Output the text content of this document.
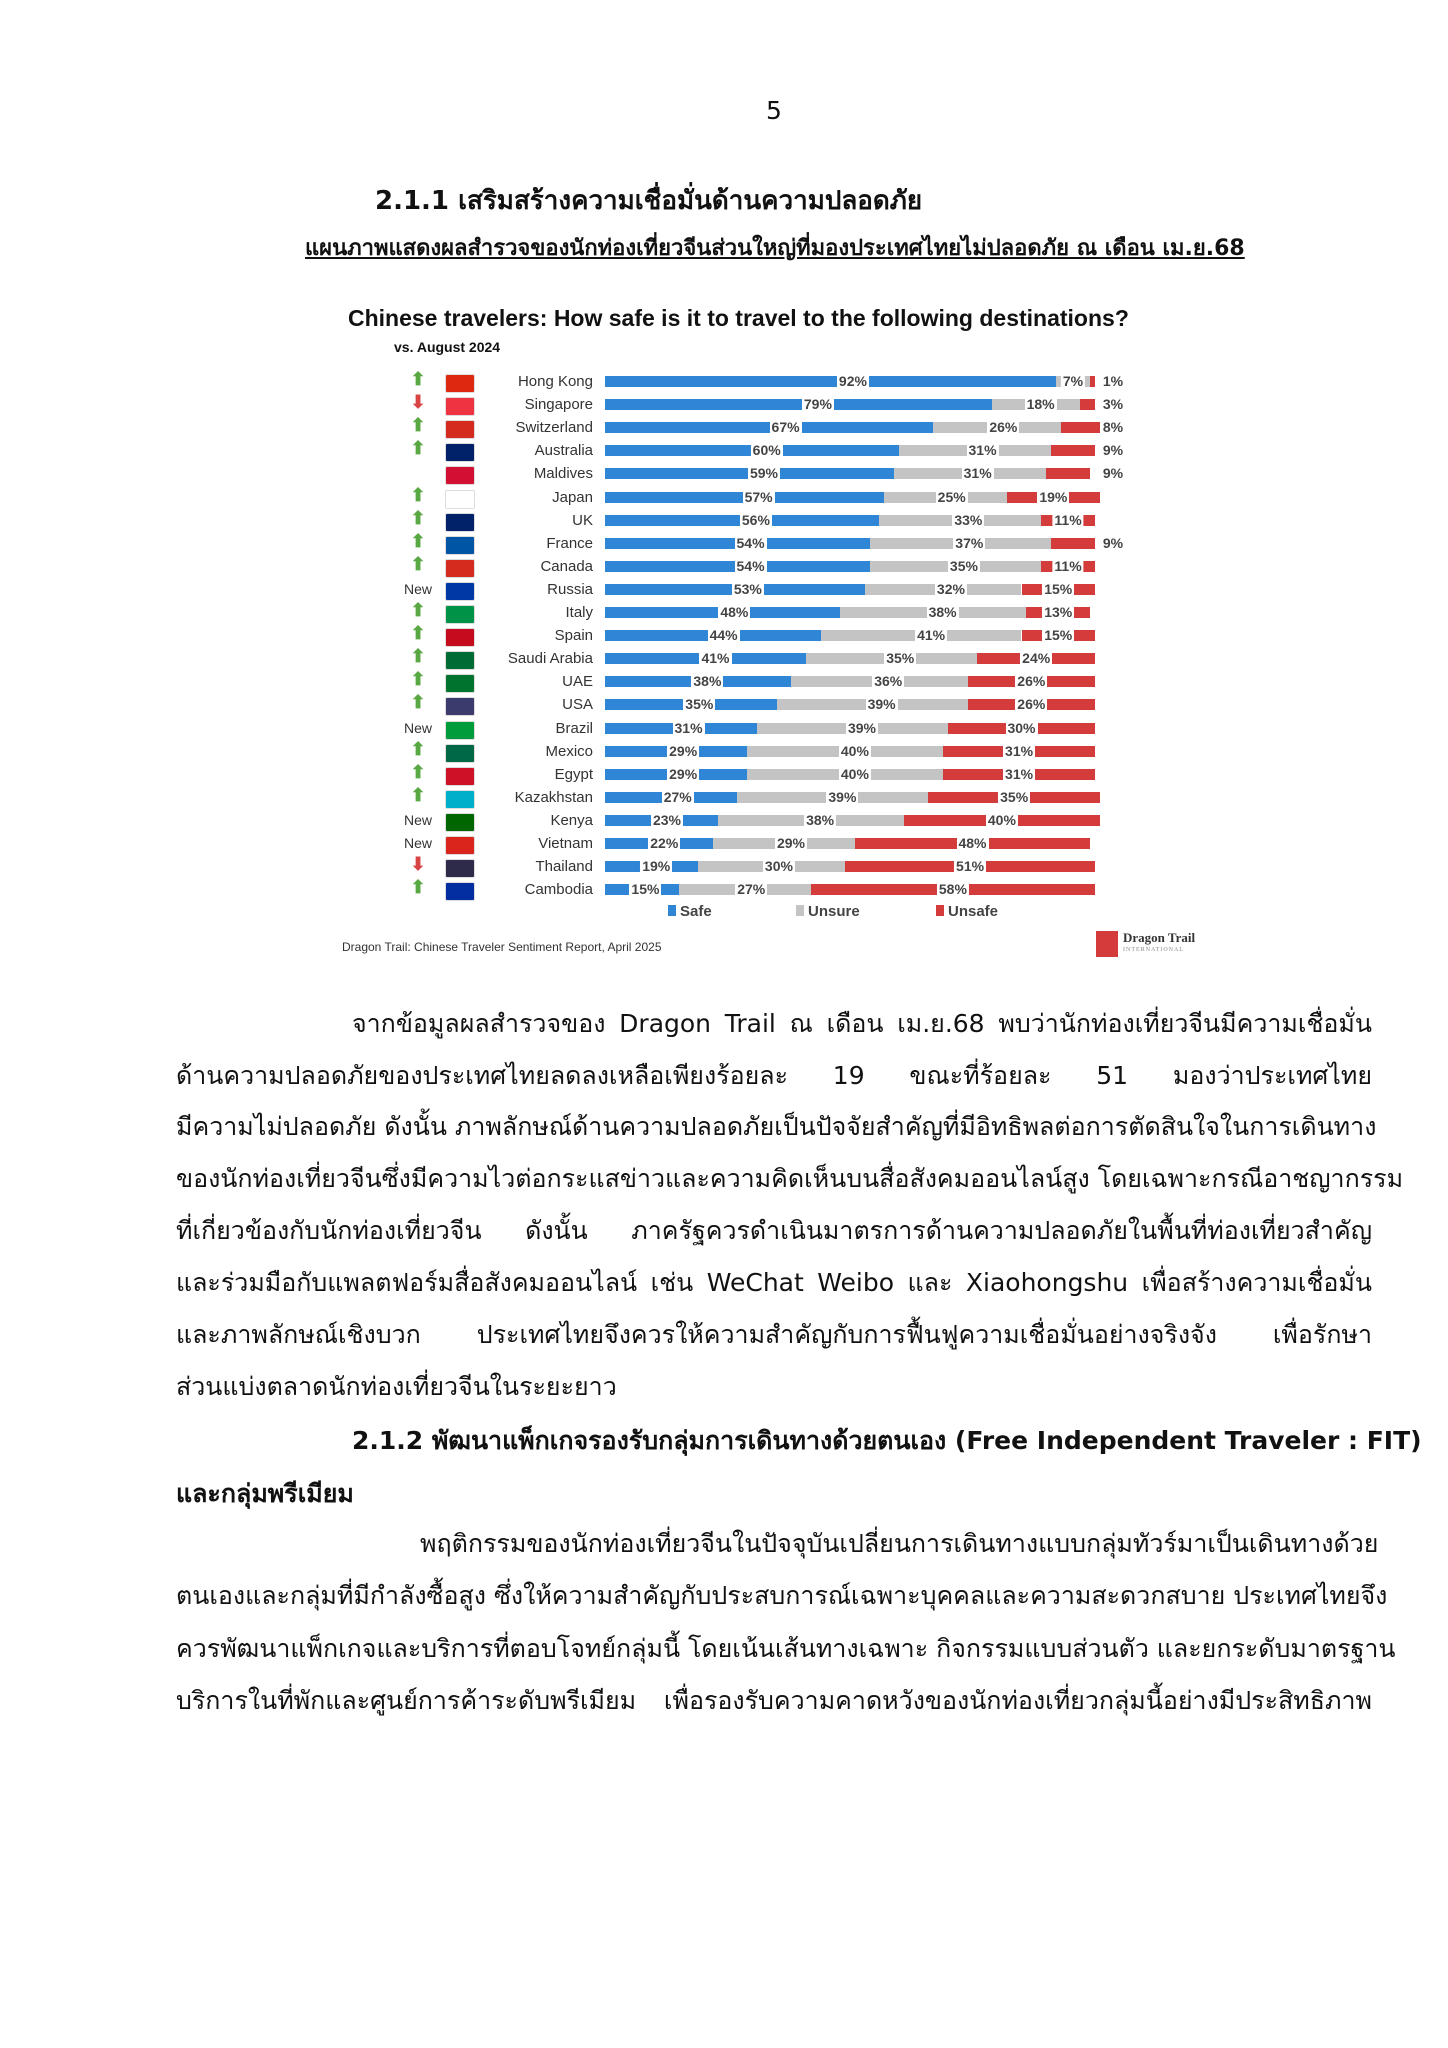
5
2.1.1 เสริมสร้างความเชื่อมั่นด้านความปลอดภัย
แผนภาพแสดงผลสำรวจของนักท่องเที่ยวจีนส่วนใหญ่ที่มองประเทศไทยไม่ปลอดภัย ณ เดือน เม.ย.68
Chinese travelers: How safe is it to travel to the following destinations?
vs. August 2024
⬆	Hong Kong	92%	7% 1%
⬇	Singapore	79%	18%	3%
⬆	Switzerland	67%	26%	8%
⬆	Australia	60%	31%	9%
Maldives	59%	31%	9%
⬆	Japan	57%	25%	19%
⬆	UK	56%	33%	11%
⬆	France	54%	37%	9%
⬆	Canada	54%	35%	11%
New	Russia	53%	32%	15%
⬆	Italy	48%	38%	13%
⬆	Spain	44%	41%	15%
⬆	Saudi Arabia	41%	35%	24%
⬆	UAE	38%	36%	26%
⬆	USA	35%	39%	26%
New	Brazil	31%	39%	30%
⬆	Mexico	29%	40%	31%
⬆	Egypt	29%	40%	31%
⬆	Kazakhstan	27%	39%	35%
New	Kenya	23%	38%	40%
New	Vietnam	22%	29%	48%
⬇	Thailand	19%	30%	51%
⬆	Cambodia	15%	27%	58%
Safe	Unsure	Unsafe
Dragon Trail: Chinese Traveler Sentiment Report, April 2025
Dragon Trail
INTERNATIONAL
จากข้อมูลผลสำรวจของ Dragon Trail ณ เดือน เม.ย.68 พบว่านักท่องเที่ยวจีนมีความเชื่อมั่น
ด้านความปลอดภัยของประเทศไทยลดลงเหลือเพียงร้อยละ 19 ขณะที่ร้อยละ 51 มองว่าประเทศไทย
มีความไม่ปลอดภัย ดังนั้น ภาพลักษณ์ด้านความปลอดภัยเป็นปัจจัยสำคัญที่มีอิทธิพลต่อการตัดสินใจในการเดินทาง
ของนักท่องเที่ยวจีนซึ่งมีความไวต่อกระแสข่าวและความคิดเห็นบนสื่อสังคมออนไลน์สูง โดยเฉพาะกรณีอาชญากรรม
ที่เกี่ยวข้องกับนักท่องเที่ยวจีน ดังนั้น ภาครัฐควรดำเนินมาตรการด้านความปลอดภัยในพื้นที่ท่องเที่ยวสำคัญ
และร่วมมือกับแพลตฟอร์มสื่อสังคมออนไลน์ เช่น WeChat Weibo และ Xiaohongshu เพื่อสร้างความเชื่อมั่น
และภาพลักษณ์เชิงบวก ประเทศไทยจึงควรให้ความสำคัญกับการฟื้นฟูความเชื่อมั่นอย่างจริงจัง เพื่อรักษา
ส่วนแบ่งตลาดนักท่องเที่ยวจีนในระยะยาว
2.1.2 พัฒนาแพ็กเกจรองรับกลุ่มการเดินทางด้วยตนเอง (Free Independent Traveler : FIT)
และกลุ่มพรีเมียม
พฤติกรรมของนักท่องเที่ยวจีนในปัจจุบันเปลี่ยนการเดินทางแบบกลุ่มทัวร์มาเป็นเดินทางด้วย
ตนเองและกลุ่มที่มีกำลังซื้อสูง ซึ่งให้ความสำคัญกับประสบการณ์เฉพาะบุคคลและความสะดวกสบาย ประเทศไทยจึง
ควรพัฒนาแพ็กเกจและบริการที่ตอบโจทย์กลุ่มนี้ โดยเน้นเส้นทางเฉพาะ กิจกรรมแบบส่วนตัว และยกระดับมาตรฐาน
บริการในที่พักและศูนย์การค้าระดับพรีเมียม เพื่อรองรับความคาดหวังของนักท่องเที่ยวกลุ่มนี้อย่างมีประสิทธิภาพ
